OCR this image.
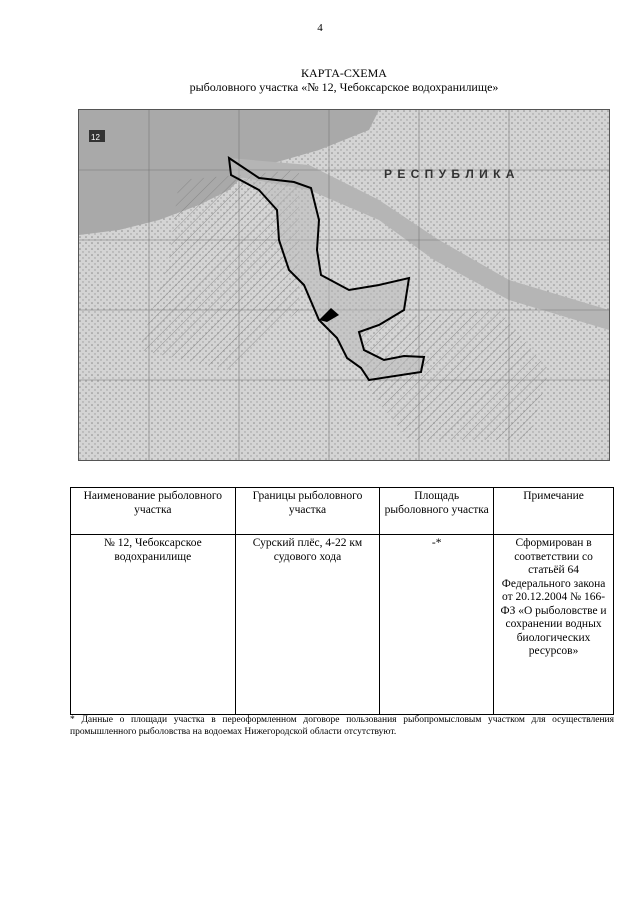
4
КАРТА-СХЕМА
рыболовного участка «№ 12, Чебоксарское водохранилище»
Р Е С П У Б Л И К А
12
Наименование рыболовного участка	Границы рыболовного участка	Площадь рыболовного участка	Примечание
№ 12, Чебоксарское водохранилище	Сурский плёс, 4-22 км судового хода	-*	Сформирован в соответствии со статьёй 64 Федерального закона от 20.12.2004 № 166-ФЗ «О рыболовстве и сохранении водных биологических ресурсов»
* Данные о площади участка в переоформленном договоре пользования рыбопромысловым участком для осуществления промышленного рыболовства на водоемах Нижегородской области отсутствуют.
